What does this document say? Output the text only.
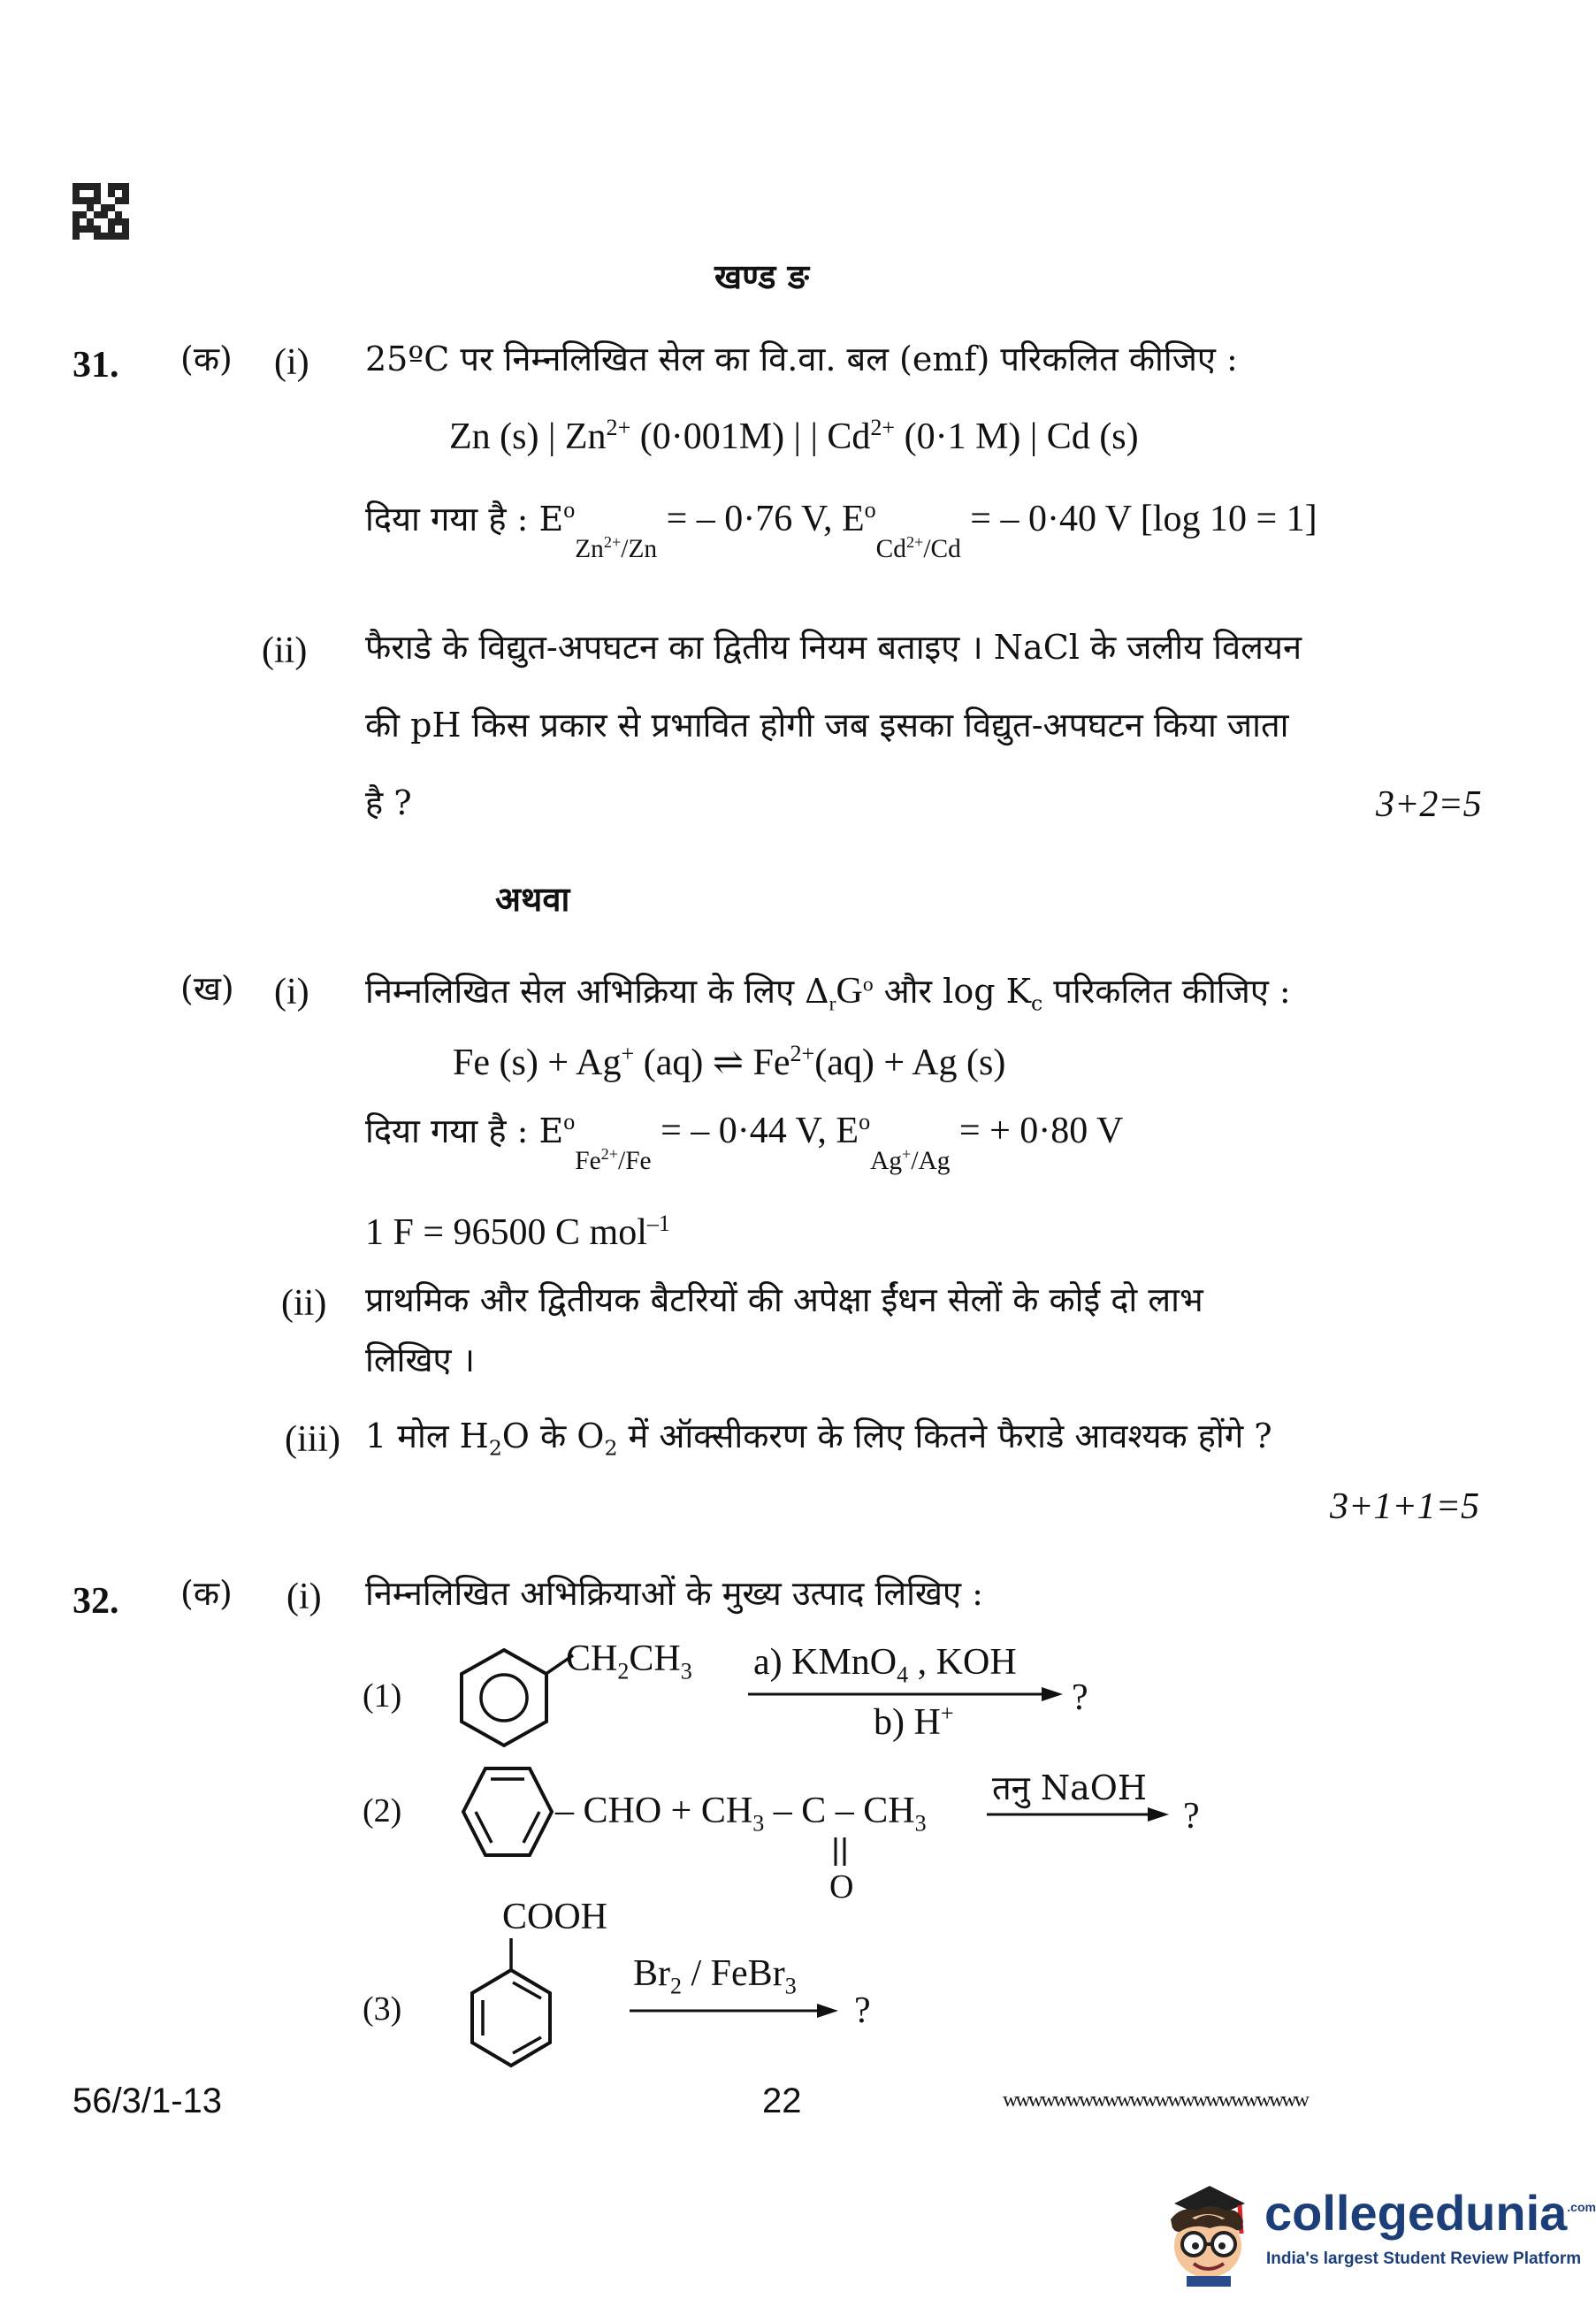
खण्ड ङ
31. (क) (i) 25ºC पर निम्नलिखित सेल का वि.वा. बल (emf) परिकलित कीजिए :
Zn (s) | $Zn^{2+}$ (0·001M) | | $Cd^{2+}$ (0·1 M) | Cd (s)
दिया गया है : $E^oZn^{2+}/Zn$ = – 0·76 V, $E^oCd^{2+}/Cd$ = – 0·40 V [log 10 = 1]
(ii) फैराडे के विद्युत-अपघटन का द्वितीय नियम बताइए । NaCl के जलीय विलयन
की pH किस प्रकार से प्रभावित होगी जब इसका विद्युत-अपघटन किया जाता
है ?	3+2=5
अथवा
(ख) (i) निम्नलिखित सेल अभिक्रिया के लिए $\Delta_rG^o$ और $\log K_c$ परिकलित कीजिए :
Fe (s) + Ag+ (aq) ⇌ $Fe^{2+}(aq) + Ag$ (s)
दिया गया है : $E^oFe^{2+}/Fe$ = – 0·44 V, $E^oAg^+/Ag$ = + 0·80 V
1 F = 96500 C mol$^{-1}$
(ii) प्राथमिक और द्वितीयक बैटरियों की अपेक्षा ईंधन सेलों के कोई दो लाभ
लिखिए ।
(iii) 1 मोल $H_2O$ के $O_2$ में ऑक्सीकरण के लिए कितने फैराडे आवश्यक होंगे ?
3+1+1=5
32. (क) (i) निम्नलिखित अभिक्रियाओं के मुख्य उत्पाद लिखिए :
(1)
$CH_2CH_3$ a) KMnO$_4$ , KOH
b) H+	?
(2)	– CHO + $CH_3$ – C – $CH_3$
O
तनु NaOH
?
COOH
(3)
$Br_2$ / FeBr$_3$
?
56/3/1-13	22	wwwwwwwwwwwwwwwwwwwwwwww
collegedunia$^{.com}$
India's largest Student Review Platform
